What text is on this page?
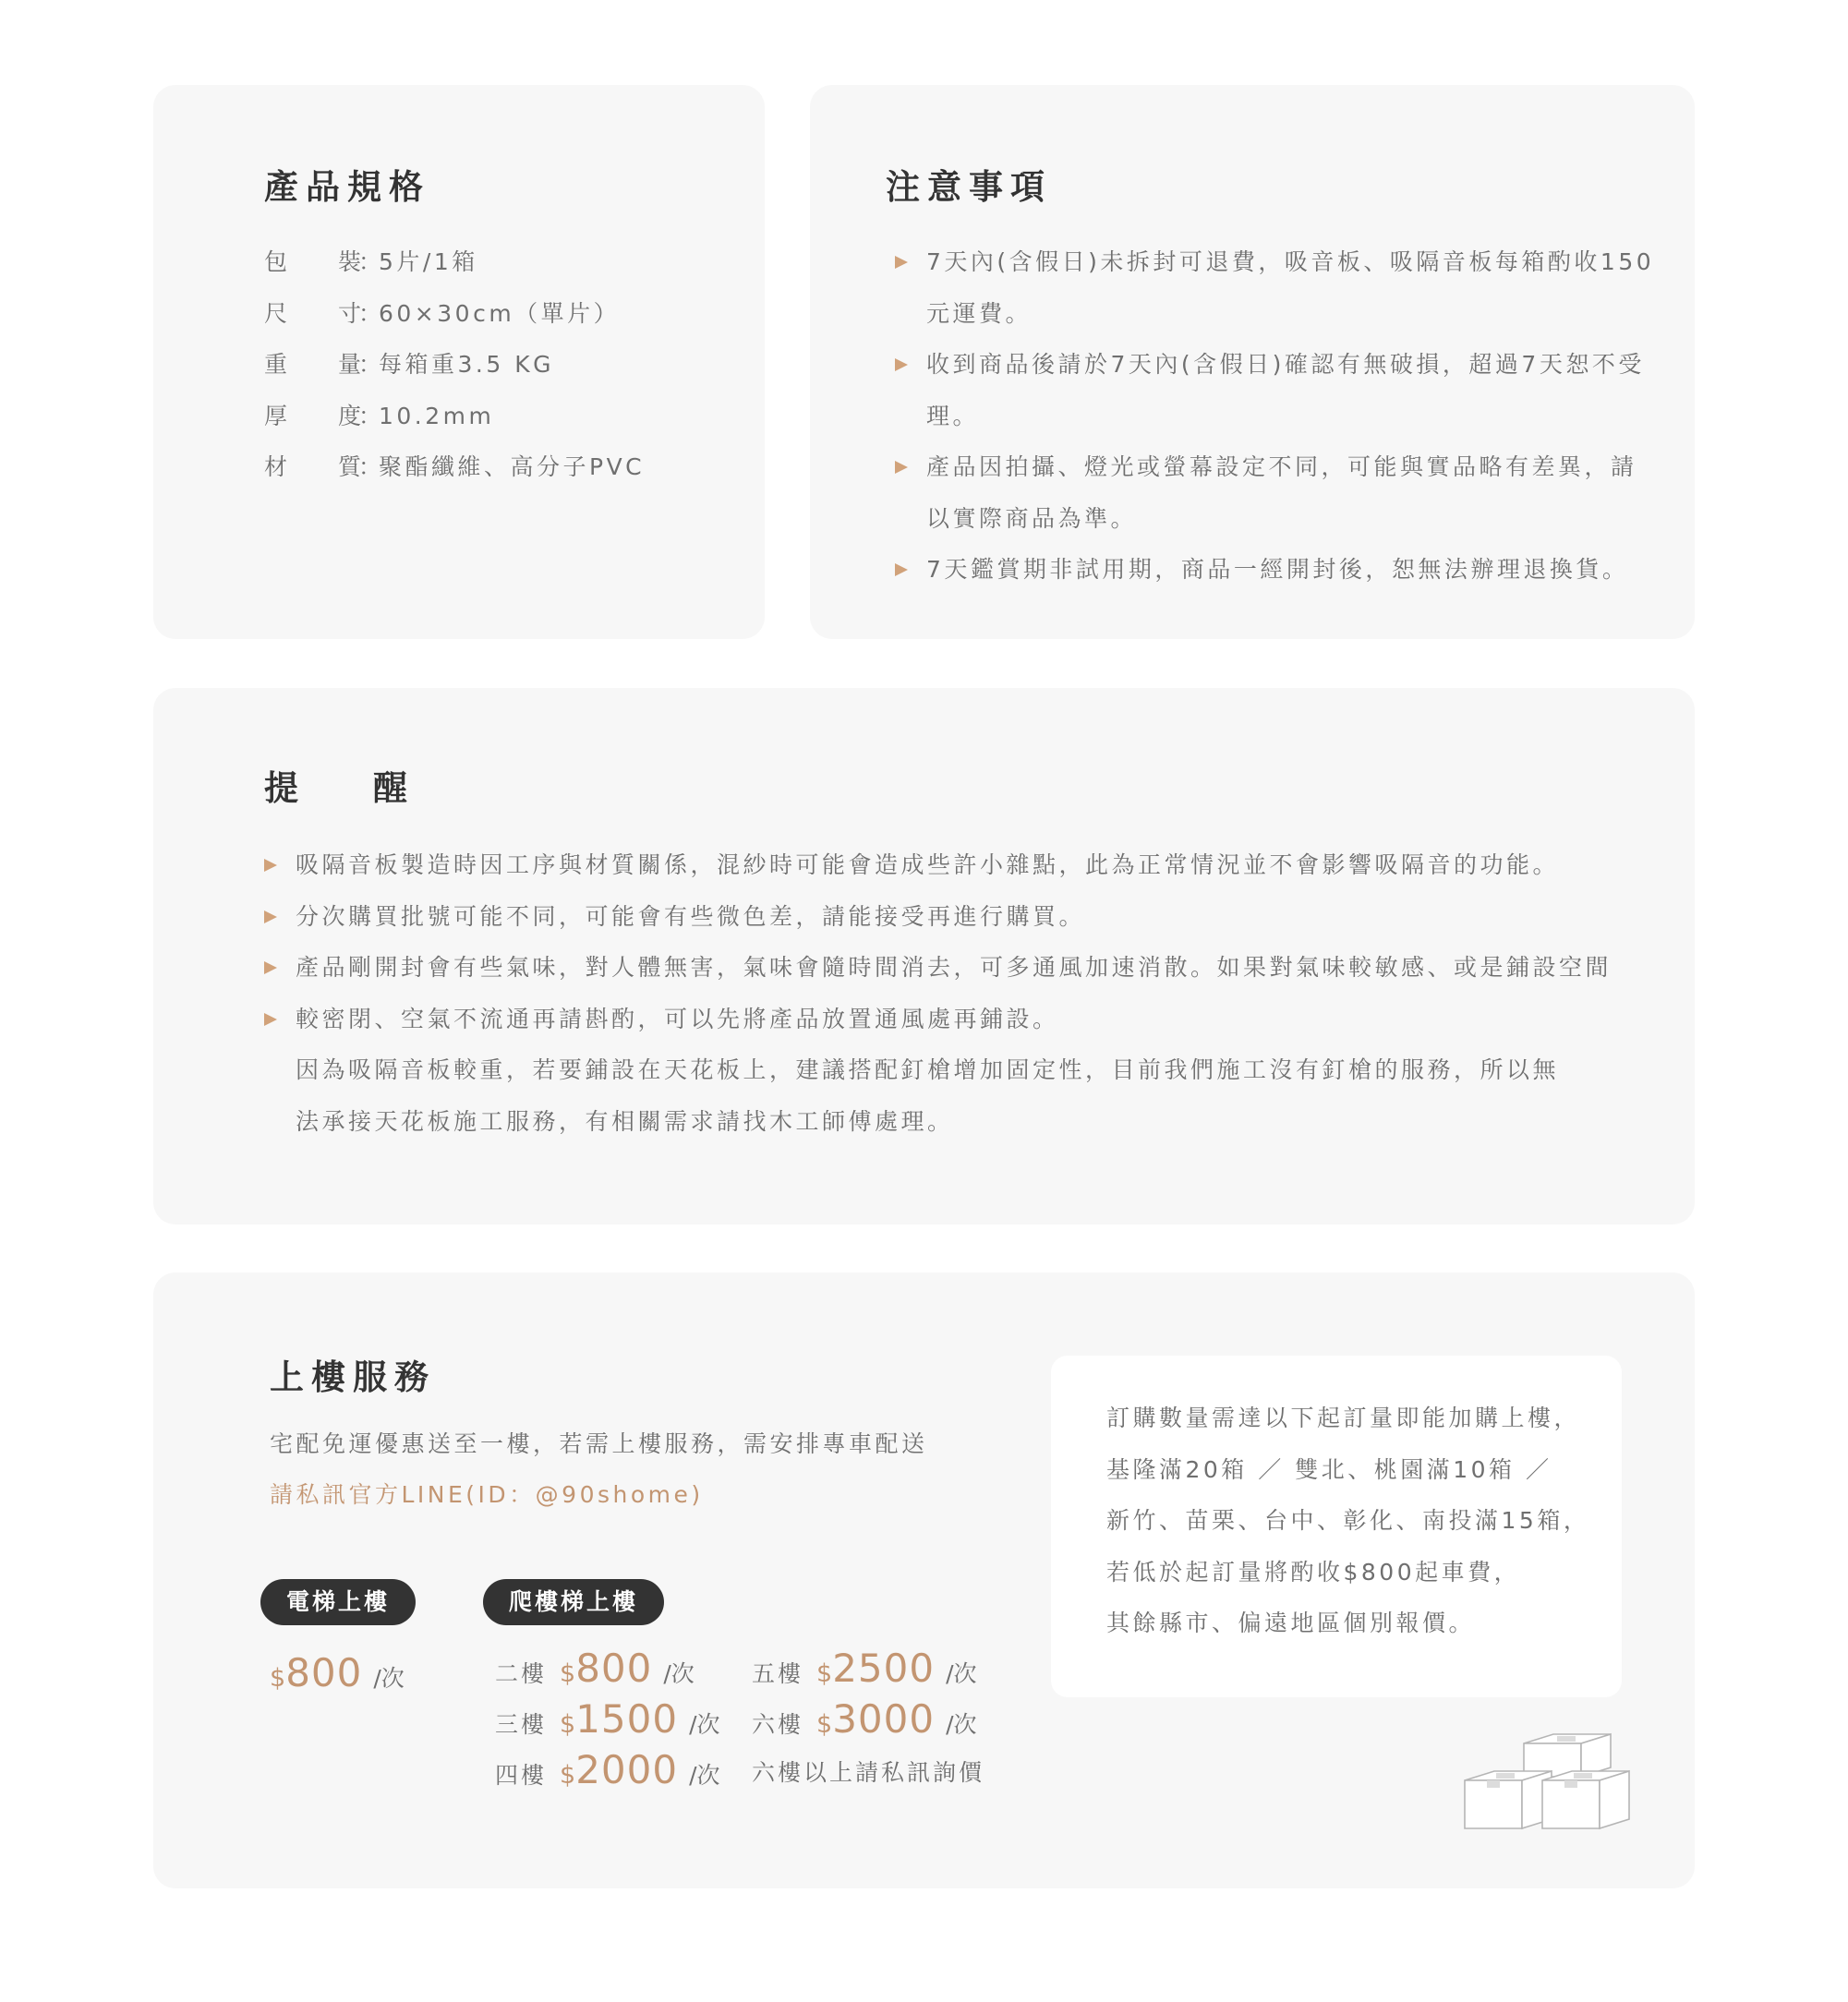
產品規格
包	裝
：
5片/1箱
尺	寸
：
60×30cm（單片）
重	量
：
每箱重3.5 KG
厚	度
：
10.2mm
材	質
：
聚酯纖維、高分子PVC
注意事項
7天內(含假日)未拆封可退費，吸音板、吸隔音板每箱酌收150
元運費。
收到商品後請於7天內(含假日)確認有無破損，超過7天恕不受
理。
產品因拍攝、燈光或螢幕設定不同，可能與實品略有差異，請
以實際商品為準。
7天鑑賞期非試用期，商品一經開封後，恕無法辦理退換貨。
提 醒
吸隔音板製造時因工序與材質關係，混紗時可能會造成些許小雜點，此為正常情況並不會影響吸隔音的功能。
分次購買批號可能不同，可能會有些微色差，請能接受再進行購買。
產品剛開封會有些氣味，對人體無害，氣味會隨時間消去，可多通風加速消散。如果對氣味較敏感、或是鋪設空間
較密閉、空氣不流通再請斟酌，可以先將產品放置通風處再鋪設。
因為吸隔音板較重，若要鋪設在天花板上，建議搭配釘槍增加固定性，目前我們施工沒有釘槍的服務，所以無
法承接天花板施工服務，有相關需求請找木工師傅處理。
上樓服務
宅配免運優惠送至一樓，若需上樓服務，需安排專車配送
請私訊官方LINE(ID：@90shome)
電梯上樓	爬樓梯上樓
$800 /次	二樓 $800 /次
三樓 $1500 /次
四樓 $2000 /次
五樓 $2500 /次
六樓 $3000 /次
六樓以上請私訊詢價
訂購數量需達以下起訂量即能加購上樓，
基隆滿20箱 ／ 雙北、桃園滿10箱 ／
新竹、苗栗、台中、彰化、南投滿15箱，
若低於起訂量將酌收$800起車費，
其餘縣市、偏遠地區個別報價。
